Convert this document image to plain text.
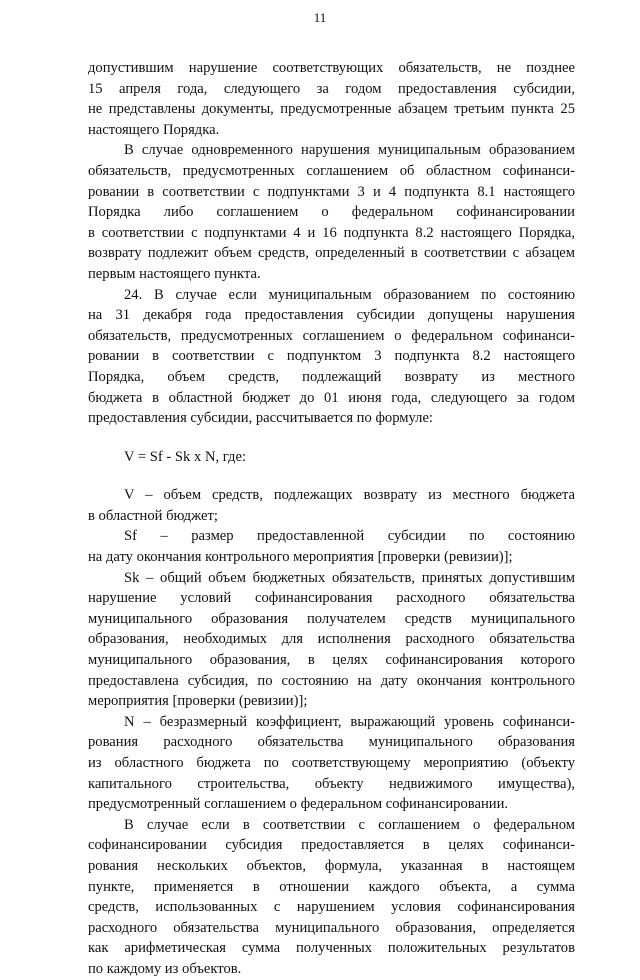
11
допустившим нарушение соответствующих обязательств, не позднее
15 апреля года, следующего за годом предоставления субсидии,
не представлены документы, предусмотренные абзацем третьим пункта 25
настоящего Порядка.
В случае одновременного нарушения муниципальным образованием
обязательств, предусмотренных соглашением об областном софинанси-
ровании в соответствии с подпунктами 3 и 4 подпункта 8.1 настоящего
Порядка либо соглашением о федеральном софинансировании
в соответствии с подпунктами 4 и 16 подпункта 8.2 настоящего Порядка,
возврату подлежит объем средств, определенный в соответствии с абзацем
первым настоящего пункта.
24. В случае если муниципальным образованием по состоянию
на 31 декабря года предоставления субсидии допущены нарушения
обязательств, предусмотренных соглашением о федеральном софинанси-
ровании в соответствии с подпунктом 3 подпункта 8.2 настоящего
Порядка, объем средств, подлежащий возврату из местного
бюджета в областной бюджет до 01 июня года, следующего за годом
предоставления субсидии, рассчитывается по формуле:
V = Sf - Sk x N, где:
V – объем средств, подлежащих возврату из местного бюджета
в областной бюджет;
Sf – размер предоставленной субсидии по состоянию
на дату окончания контрольного мероприятия [проверки (ревизии)];
Sk – общий объем бюджетных обязательств, принятых допустившим
нарушение условий софинансирования расходного обязательства
муниципального образования получателем средств муниципального
образования, необходимых для исполнения расходного обязательства
муниципального образования, в целях софинансирования которого
предоставлена субсидия, по состоянию на дату окончания контрольного
мероприятия [проверки (ревизии)];
N – безразмерный коэффициент, выражающий уровень софинанси-
рования расходного обязательства муниципального образования
из областного бюджета по соответствующему мероприятию (объекту
капитального строительства, объекту недвижимого имущества),
предусмотренный соглашением о федеральном софинансировании.
В случае если в соответствии с соглашением о федеральном
софинансировании субсидия предоставляется в целях софинанси-
рования нескольких объектов, формула, указанная в настоящем
пункте, применяется в отношении каждого объекта, а сумма
средств, использованных с нарушением условия софинансирования
расходного обязательства муниципального образования, определяется
как арифметическая сумма полученных положительных результатов
по каждому из объектов.
